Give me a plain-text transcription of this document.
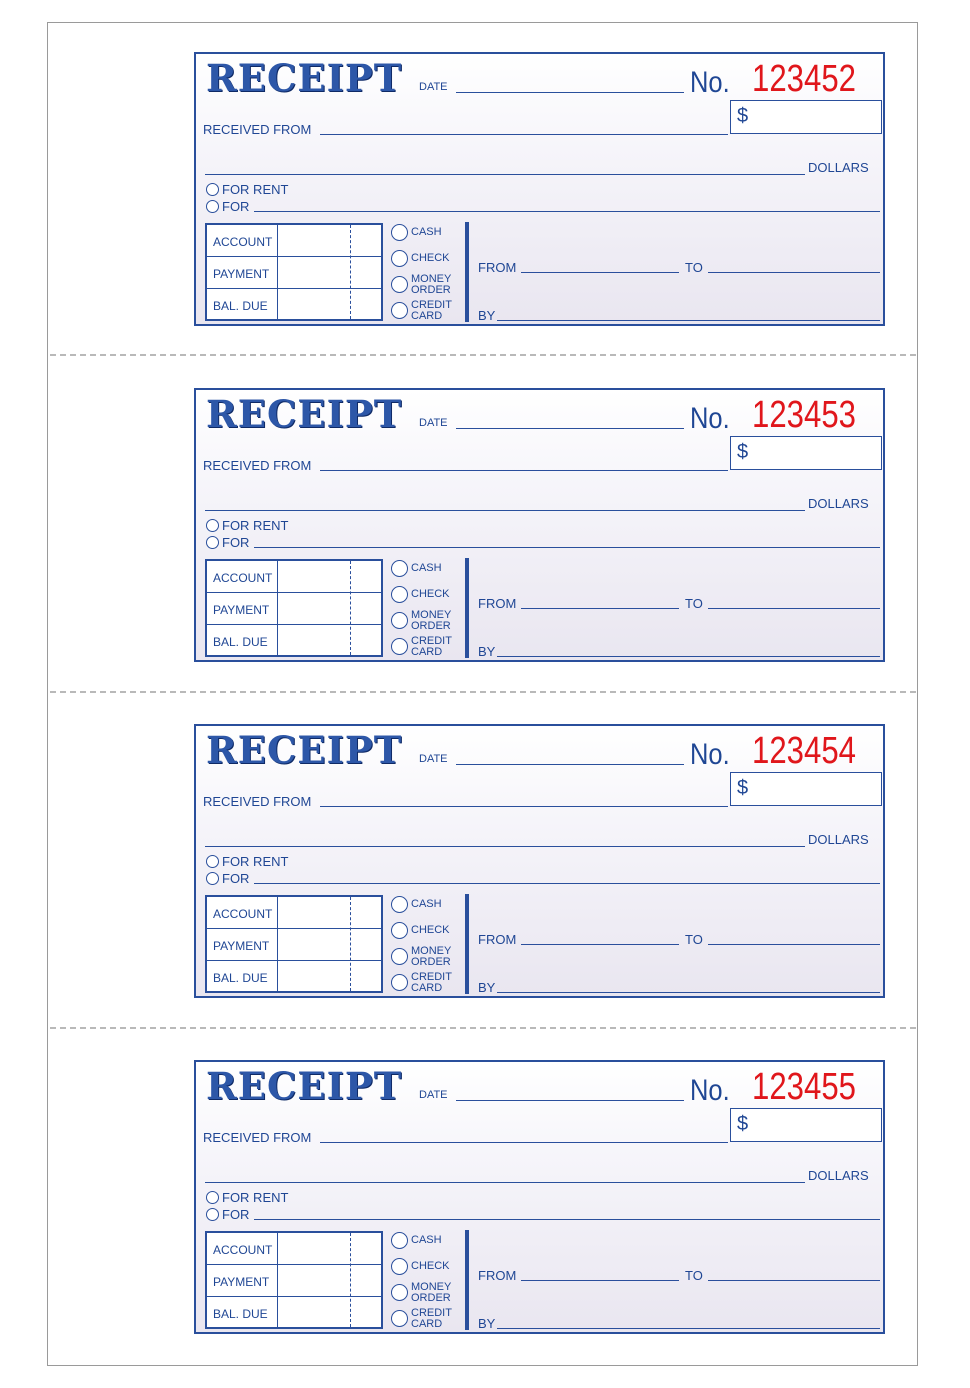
RECEIPT DATE	No. 123452
$
RECEIVED FROM
DOLLARS
FOR RENT
FOR
ACCOUNT
PAYMENT
BAL. DUE
CASH
CHECK
MONEY
ORDER
CREDIT
CARD
FROM	TO
BY
RECEIPT DATE	No. 123453
$
RECEIVED FROM
DOLLARS
FOR RENT
FOR
ACCOUNT
PAYMENT
BAL. DUE
CASH
CHECK
MONEY
ORDER
CREDIT
CARD
FROM	TO
BY
RECEIPT DATE	No. 123454
$
RECEIVED FROM
DOLLARS
FOR RENT
FOR
ACCOUNT
PAYMENT
BAL. DUE
CASH
CHECK
MONEY
ORDER
CREDIT
CARD
FROM	TO
BY
RECEIPT DATE	No. 123455
$
RECEIVED FROM
DOLLARS
FOR RENT
FOR
ACCOUNT
PAYMENT
BAL. DUE
CASH
CHECK
MONEY
ORDER
CREDIT
CARD
FROM	TO
BY
